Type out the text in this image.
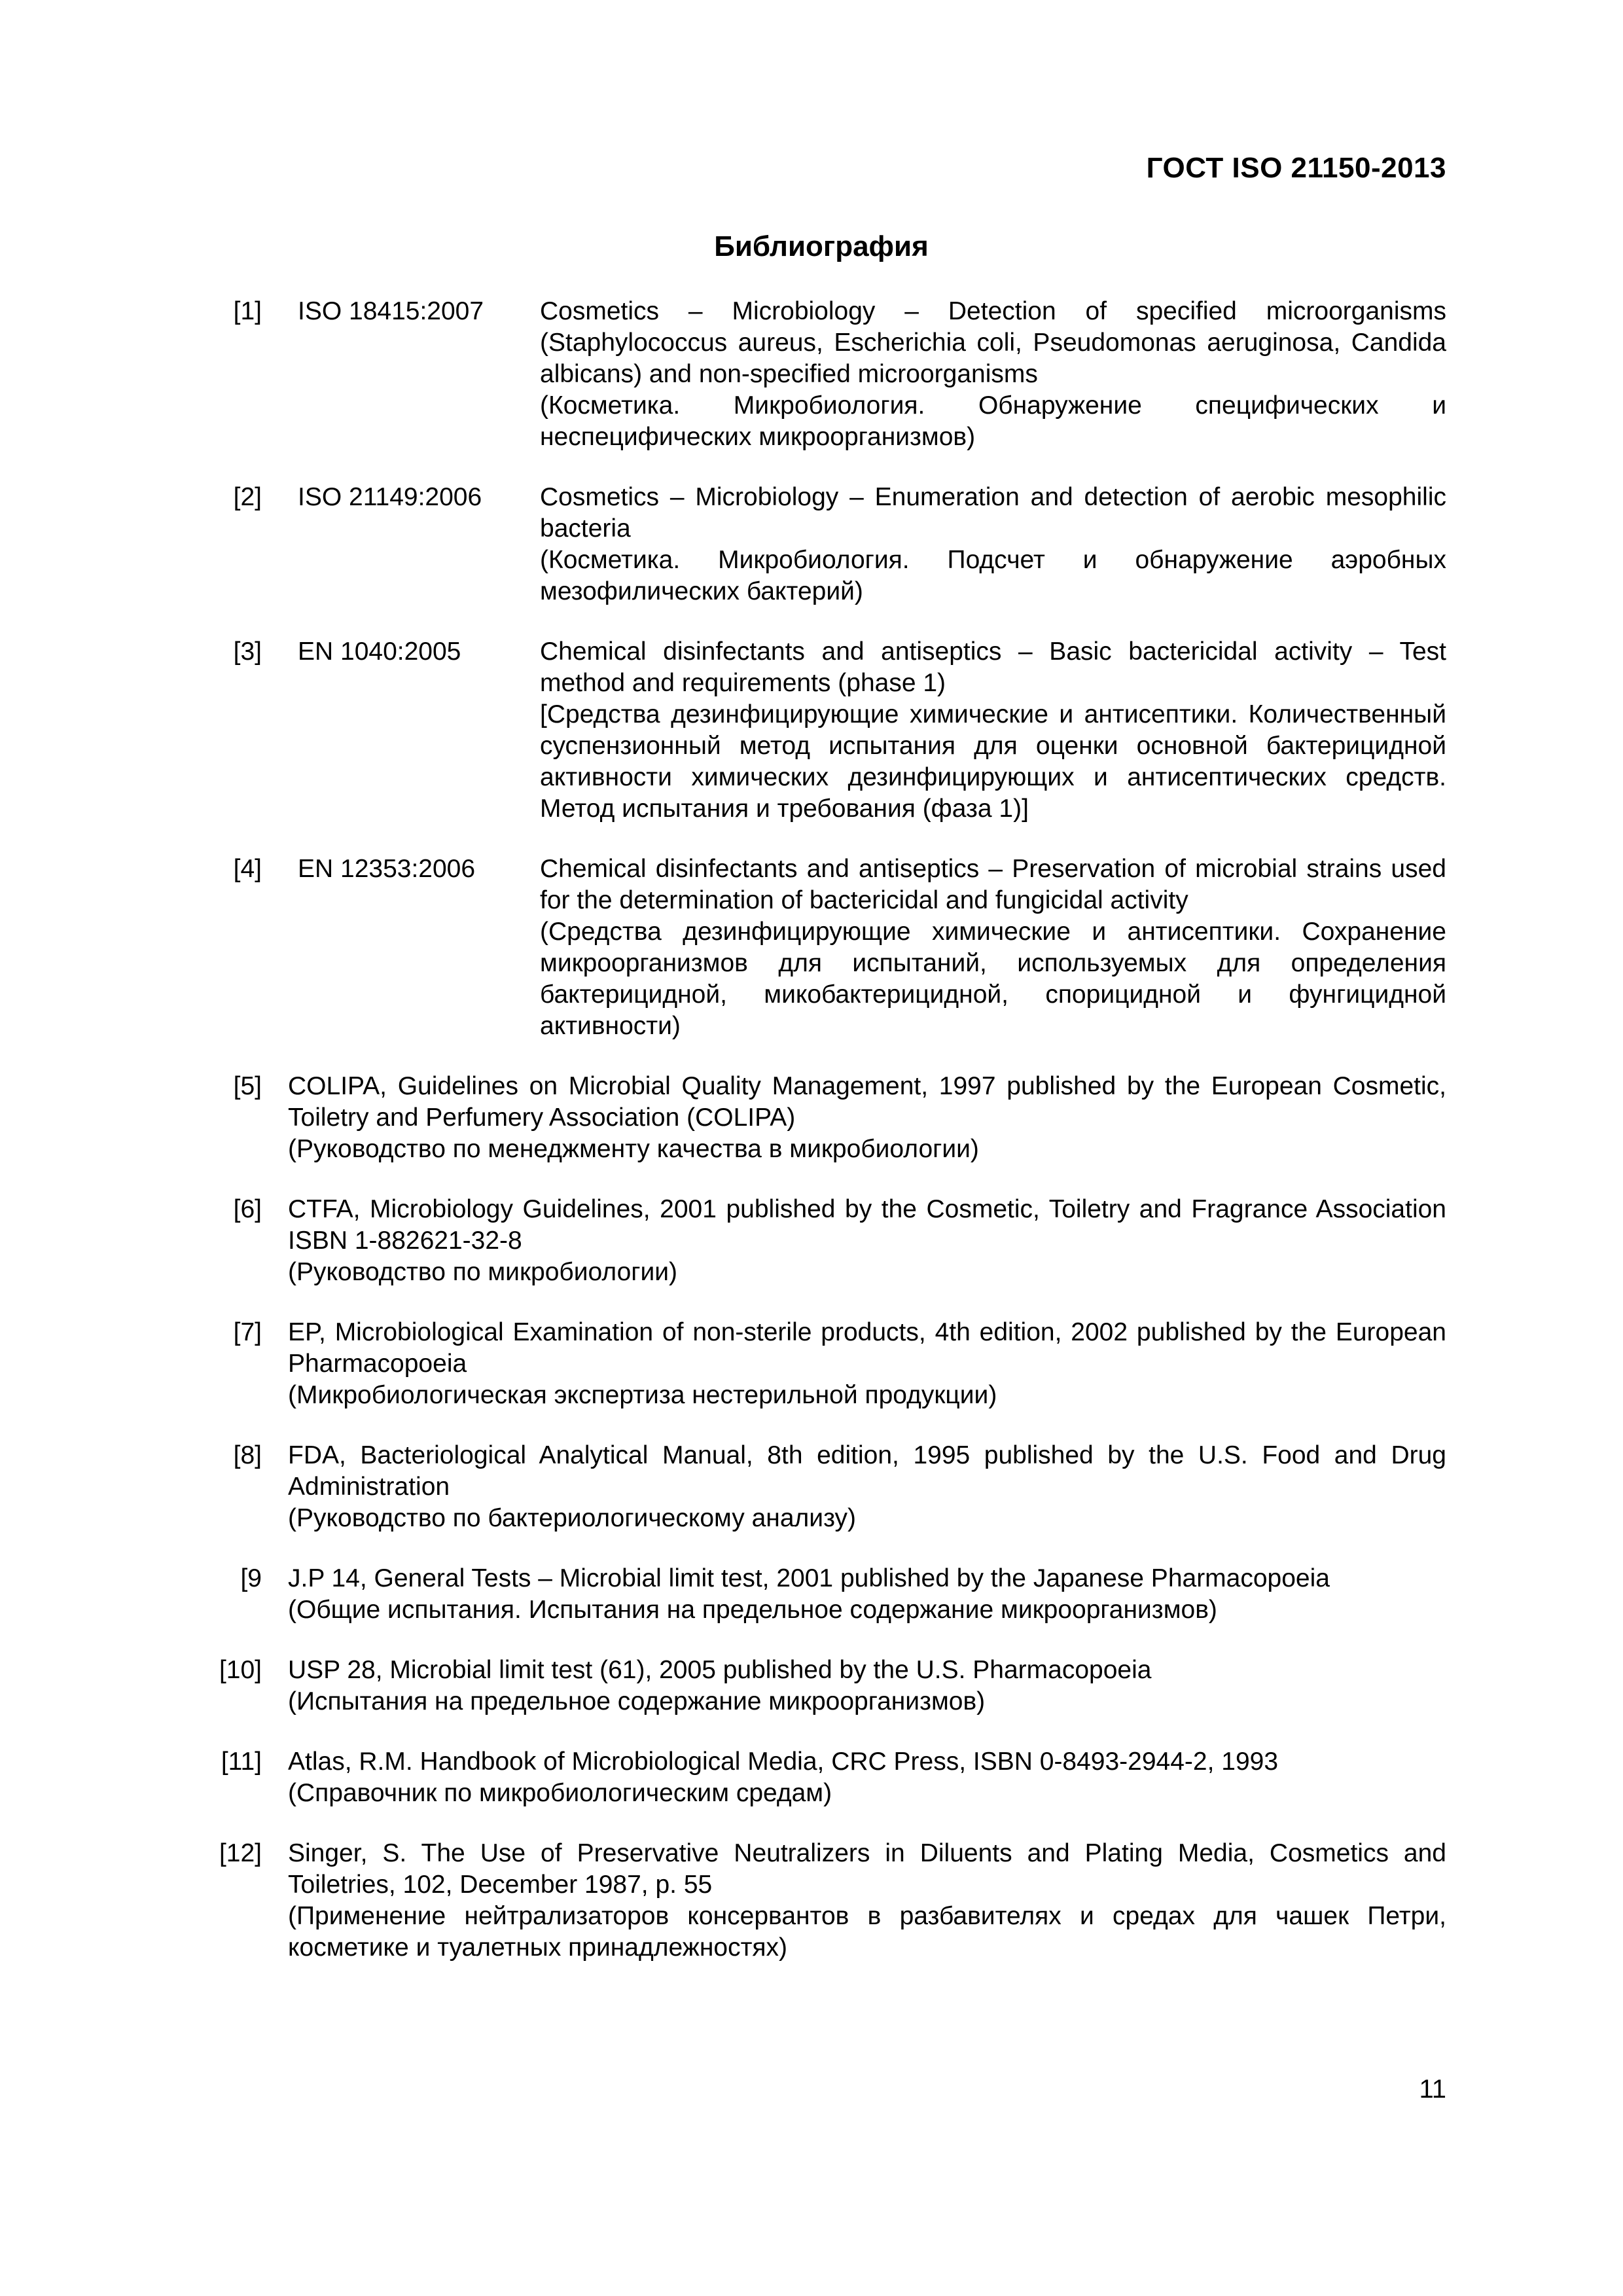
ГОСТ ISO 21150-2013
Библиография
[1] ISO 18415:2007	Cosmetics – Microbiology – Detection of specified microorganisms (Staphylococcus aureus, Escherichia coli, Pseudomonas aeruginosa, Candida albicans) and non-specified microorganisms
(Косметика. Микробиология. Обнаружение специфических и неспецифических микроорганизмов)
[2] ISO 21149:2006	Cosmetics – Microbiology – Enumeration and detection of aerobic mesophilic bacteria
(Косметика. Микробиология. Подсчет и обнаружение аэробных мезофилических бактерий)
[3] EN 1040:2005	Chemical disinfectants and antiseptics – Basic bactericidal activity – Test method and requirements (phase 1)
[Средства дезинфицирующие химические и антисептики. Количественный суспензионный метод испытания для оценки основной бактерицидной активности химических дезинфицирующих и антисептических средств. Метод испытания и требования (фаза 1)]
[4] EN 12353:2006	Chemical disinfectants and antiseptics – Preservation of microbial strains used for the determination of bactericidal and fungicidal activity
(Средства дезинфицирующие химические и антисептики. Сохранение микроорганизмов для испытаний, используемых для определения бактерицидной, микобактерицидной, спорицидной и фунгицидной активности)
[5] COLIPA, Guidelines on Microbial Quality Management, 1997 published by the European Cosmetic, Toiletry and Perfumery Association (COLIPA)
(Руководство по менеджменту качества в микробиологии)
[6] CTFA, Microbiology Guidelines, 2001 published by the Cosmetic, Toiletry and Fragrance Association ISBN 1-882621-32-8
(Руководство по микробиологии)
[7] EP, Microbiological Examination of non-sterile products, 4th edition, 2002 published by the European Pharmacopoeia
(Микробиологическая экспертиза нестерильной продукции)
[8] FDA, Bacteriological Analytical Manual, 8th edition, 1995 published by the U.S. Food and Drug Administration
(Руководство по бактериологическому анализу)
[9 J.P 14, General Tests – Microbial limit test, 2001 published by the Japanese Pharmacopoeia
(Общие испытания. Испытания на предельное содержание микроорганизмов)
[10] USP 28, Microbial limit test (61), 2005 published by the U.S. Pharmacopoeia
(Испытания на предельное содержание микроорганизмов)
[11] Atlas, R.M. Handbook of Microbiological Media, CRC Press, ISBN 0-8493-2944-2, 1993
(Справочник по микробиологическим средам)
[12] Singer, S. The Use of Preservative Neutralizers in Diluents and Plating Media, Cosmetics and Toiletries, 102, December 1987, p. 55
(Применение нейтрализаторов консервантов в разбавителях и средах для чашек Петри, косметике и туалетных принадлежностях)
11
